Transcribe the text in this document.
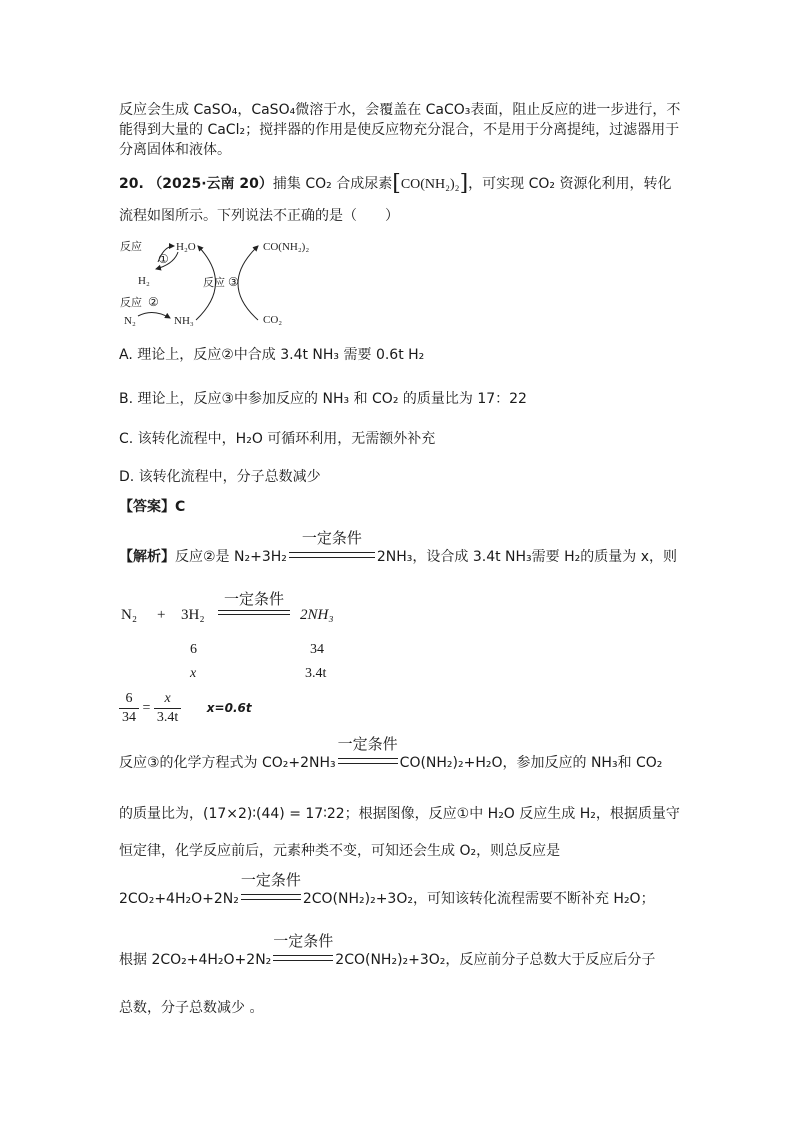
反应会生成 CaSO₄，CaSO₄微溶于水，会覆盖在 CaCO₃表面，阻止反应的进一步进行，不
能得到大量的 CaCl₂；搅拌器的作用是使反应物充分混合，不是用于分离提纯，过滤器用于
分离固体和液体。
20. （2025·云南 20）捕集 CO₂ 合成尿素[CO(NH₂)₂]，可实现 CO₂ 资源化利用，转化
流程如图所示。下列说法不正确的是（　　）
反应
①
H₂O
H₂
反应 ②
N₂	NH₃
反应 ③
CO(NH₂)₂
CO₂
A. 理论上，反应②中合成 3.4t NH₃ 需要 0.6t H₂
B. 理论上，反应③中参加反应的 NH₃ 和 CO₂ 的质量比为 17：22
C. 该转化流程中，H₂O 可循环利用，无需额外补充
D. 该转化流程中，分子总数减少
【答案】C
【解析】反应②是 N₂+3H₂
一定条件
2NH₃，设合成 3.4t NH₃需要 H₂的质量为 x，则
N₂ + 3H₂
一定条件
2NH₃
6	34
x	3.4t
$\frac{6}{34} = \frac{x}{3.4t} x=0.6t$
反应③的化学方程式为 CO₂+2NH₃
一定条件
CO(NH₂)₂+H₂O，参加反应的 NH₃和 CO₂
的质量比为，(17×2)∶(44) = 17∶22；根据图像，反应①中 H₂O 反应生成 H₂，根据质量守
恒定律，化学反应前后，元素种类不变，可知还会生成 O₂，则总反应是
2CO₂+4H₂O+2N₂
一定条件
2CO(NH₂)₂+3O₂，可知该转化流程需要不断补充 H₂O；
根据 2CO₂+4H₂O+2N₂
一定条件
2CO(NH₂)₂+3O₂，反应前分子总数大于反应后分子
总数，分子总数减少 。
